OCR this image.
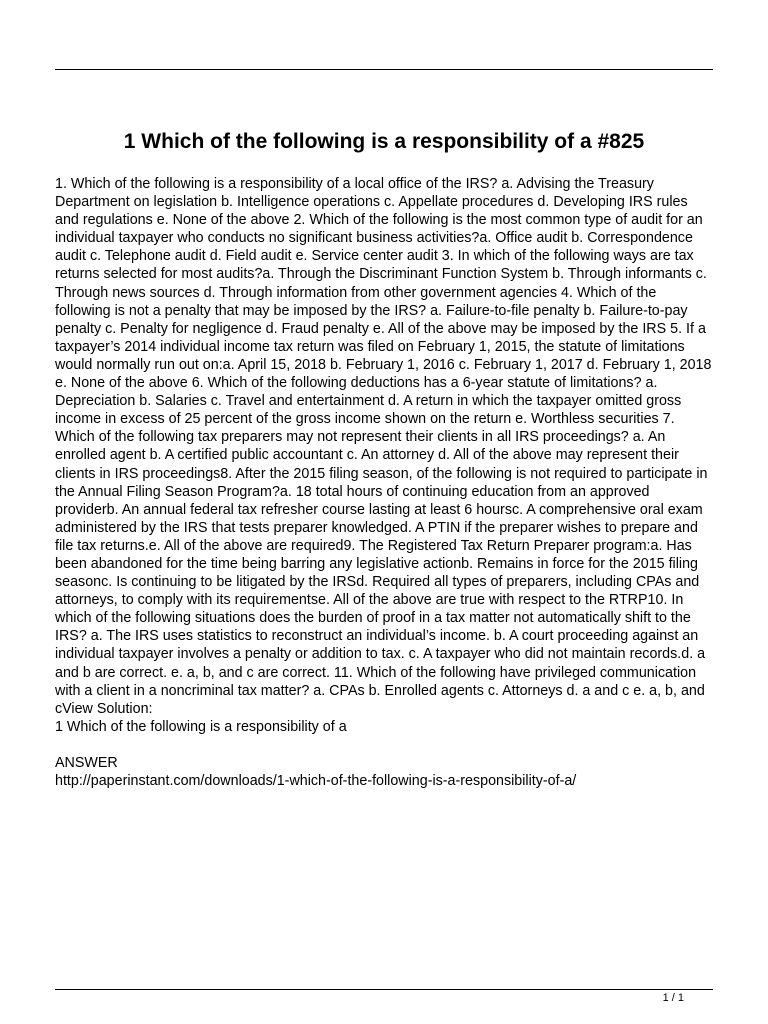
1 Which of the following is a responsibility of a #825

1. Which of the following is a responsibility of a local office of the IRS? a. Advising the Treasury Department on legislation b. Intelligence operations c. Appellate procedures d. Developing IRS rules and regulations e. None of the above 2. Which of the following is the most common type of audit for an individual taxpayer who conducts no significant business activities?a. Office audit b. Correspondence audit c. Telephone audit d. Field audit e. Service center audit 3. In which of the following ways are tax returns selected for most audits?a. Through the Discriminant Function System b. Through informants c. Through news sources d. Through information from other government agencies 4. Which of the following is not a penalty that may be imposed by the IRS? a. Failure-to-file penalty b. Failure-to-pay penalty c. Penalty for negligence d. Fraud penalty e. All of the above may be imposed by the IRS 5. If a taxpayer’s 2014 individual income tax return was filed on February 1, 2015, the statute of limitations would normally run out on:a. April 15, 2018 b. February 1, 2016 c. February 1, 2017 d. February 1, 2018 e. None of the above 6. Which of the following deductions has a 6-year statute of limitations? a. Depreciation b. Salaries c. Travel and entertainment d. A return in which the taxpayer omitted gross income in excess of 25 percent of the gross income shown on the return e. Worthless securities 7. Which of the following tax preparers may not represent their clients in all IRS proceedings? a. An enrolled agent b. A certified public accountant c. An attorney d. All of the above may represent their clients in IRS proceedings8. After the 2015 filing season, of the following is not required to participate in the Annual Filing Season Program?a. 18 total hours of continuing education from an approved providerb. An annual federal tax refresher course lasting at least 6 hoursc. A comprehensive oral exam administered by the IRS that tests preparer knowledged. A PTIN if the preparer wishes to prepare and file tax returns.e. All of the above are required9. The Registered Tax Return Preparer program:a. Has been abandoned for the time being barring any legislative actionb. Remains in force for the 2015 filing seasonc. Is continuing to be litigated by the IRSd. Required all types of preparers, including CPAs and attorneys, to comply with its requirementse. All of the above are true with respect to the RTRP10. In which of the following situations does the burden of proof in a tax matter not automatically shift to the IRS? a. The IRS uses statistics to reconstruct an individual’s income. b. A court proceeding against an individual taxpayer involves a penalty or addition to tax. c. A taxpayer who did not maintain records.d. a and b are correct. e. a, b, and c are correct. 11. Which of the following have privileged communication with a client in a noncriminal tax matter? a. CPAs b. Enrolled agents c. Attorneys d. a and c e. a, b, and cView Solution:

1 Which of the following is a responsibility of a

ANSWER

http://paperinstant.com/downloads/1-which-of-the-following-is-a-responsibility-of-a/

1 / 1
